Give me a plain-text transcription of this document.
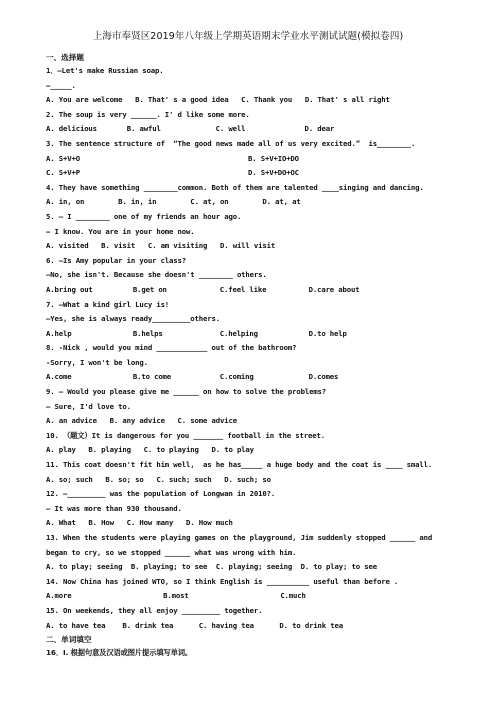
上海市奉贤区2019年八年级上学期英语期末学业水平测试试题(模拟卷四)
一、选择题
1．—Let's make Russian soap.
—_____.
A. You are welcome   B. That' s a good idea   C. Thank you   D. That' s all right
2. The soup is very ______. I' d like some more.
A. delicious	B. awful	C. well	D. dear
3. The sentence structure of  “The good news made all of us very excited.”  is________.
A. S+V+O	B. S+V+IO+DO
C. S+V+P	D. S+V+DO+OC
4. They have something ________common. Both of them are talented ____singing and dancing.
A. in, on        B. in, in        C. at, on        D. at, at
5. — I ________ one of my friends an hour ago.
— I know. You are in your home now.
A. visited   B. visit   C. am visiting   D. will visit
6. —Is Amy popular in your class?
—No, she isn't. Because she doesn't ________ others.
A.bring out	B.get on	C.feel like	D.care about
7. —What a kind girl Lucy is!
—Yes, she is always ready_________others.
A.help	B.helps	C.helping	D.to help
8. -Nick , would you mind ____________ out of the bathroom?
-Sorry, I won't be long.
A.come	B.to come	C.coming	D.comes
9. — Would you please give me ______ on how to solve the problems?
— Sure, I'd love to.
A. an advice   B. any advice   C. some advice
10. （题文）It is dangerous for you _______ football in the street.
A. play   B. playing   C. to playing   D. to play
11. This coat doesn't fit him well,  as he has_____ a huge body and the coat is ____ small.
A. so; such   B. so; so   C. such; such   D. such; so
12. —_________ was the population of Longwan in 2010?.
— It was more than 930 thousand.
A. What   B. How   C. How many   D. How much
13. When the students were playing games on the playground, Jim suddenly stopped ______ and
began to cry, so we stopped ______ what was wrong with him.
A. to play; seeing  B. playing; to see  C. playing; seeing  D. to play; to see
14. Now China has joined WTO, so I think English is __________ useful than before .
A.more	B.most	C.much
15. On weekends, they all enjoy _________ together.
A. to have tea    B. drink tea      C. having tea      D. to drink tea
二、单词填空
16．I. 根据句意及汉语或图片提示填写单词。
